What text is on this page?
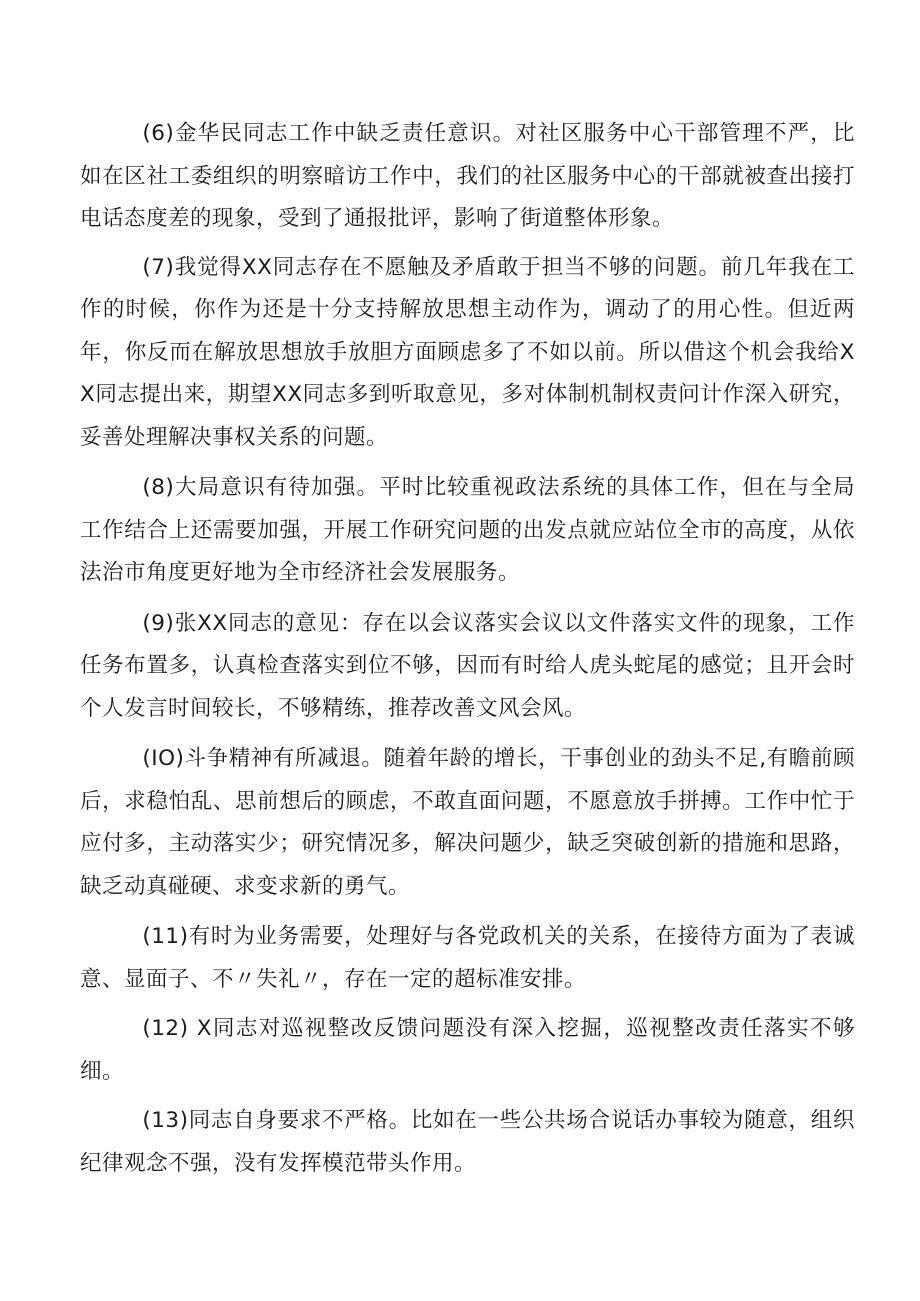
(6)金华民同志工作中缺乏责任意识。对社区服务中心干部管理不严，比如在区社工委组织的明察暗访工作中，我们的社区服务中心的干部就被查出接打电话态度差的现象，受到了通报批评，影响了街道整体形象。

(7)我觉得XX同志存在不愿触及矛盾敢于担当不够的问题。前几年我在工作的时候，你作为还是十分支持解放思想主动作为，调动了的用心性。但近两年，你反而在解放思想放手放胆方面顾虑多了不如以前。所以借这个机会我给XX同志提出来，期望XX同志多到听取意见，多对体制机制权责问计作深入研究，妥善处理解决事权关系的问题。

(8)大局意识有待加强。平时比较重视政法系统的具体工作，但在与全局工作结合上还需要加强，开展工作研究问题的出发点就应站位全市的高度，从依法治市角度更好地为全市经济社会发展服务。

(9)张XX同志的意见：存在以会议落实会议以文件落实文件的现象，工作任务布置多，认真检查落实到位不够，因而有时给人虎头蛇尾的感觉；且开会时个人发言时间较长，不够精练，推荐改善文风会风。

(IO)斗争精神有所减退。随着年龄的增长，干事创业的劲头不足,有瞻前顾后，求稳怕乱、思前想后的顾虑，不敢直面问题，不愿意放手拼搏。工作中忙于应付多，主动落实少；研究情况多，解决问题少，缺乏突破创新的措施和思路，缺乏动真碰硬、求变求新的勇气。

(11)有时为业务需要，处理好与各党政机关的关系，在接待方面为了表诚意、显面子、不〃失礼〃，存在一定的超标准安排。

(12) X同志对巡视整改反馈问题没有深入挖掘，巡视整改责任落实不够细。

(13)同志自身要求不严格。比如在一些公共场合说话办事较为随意，组织纪律观念不强，没有发挥模范带头作用。
